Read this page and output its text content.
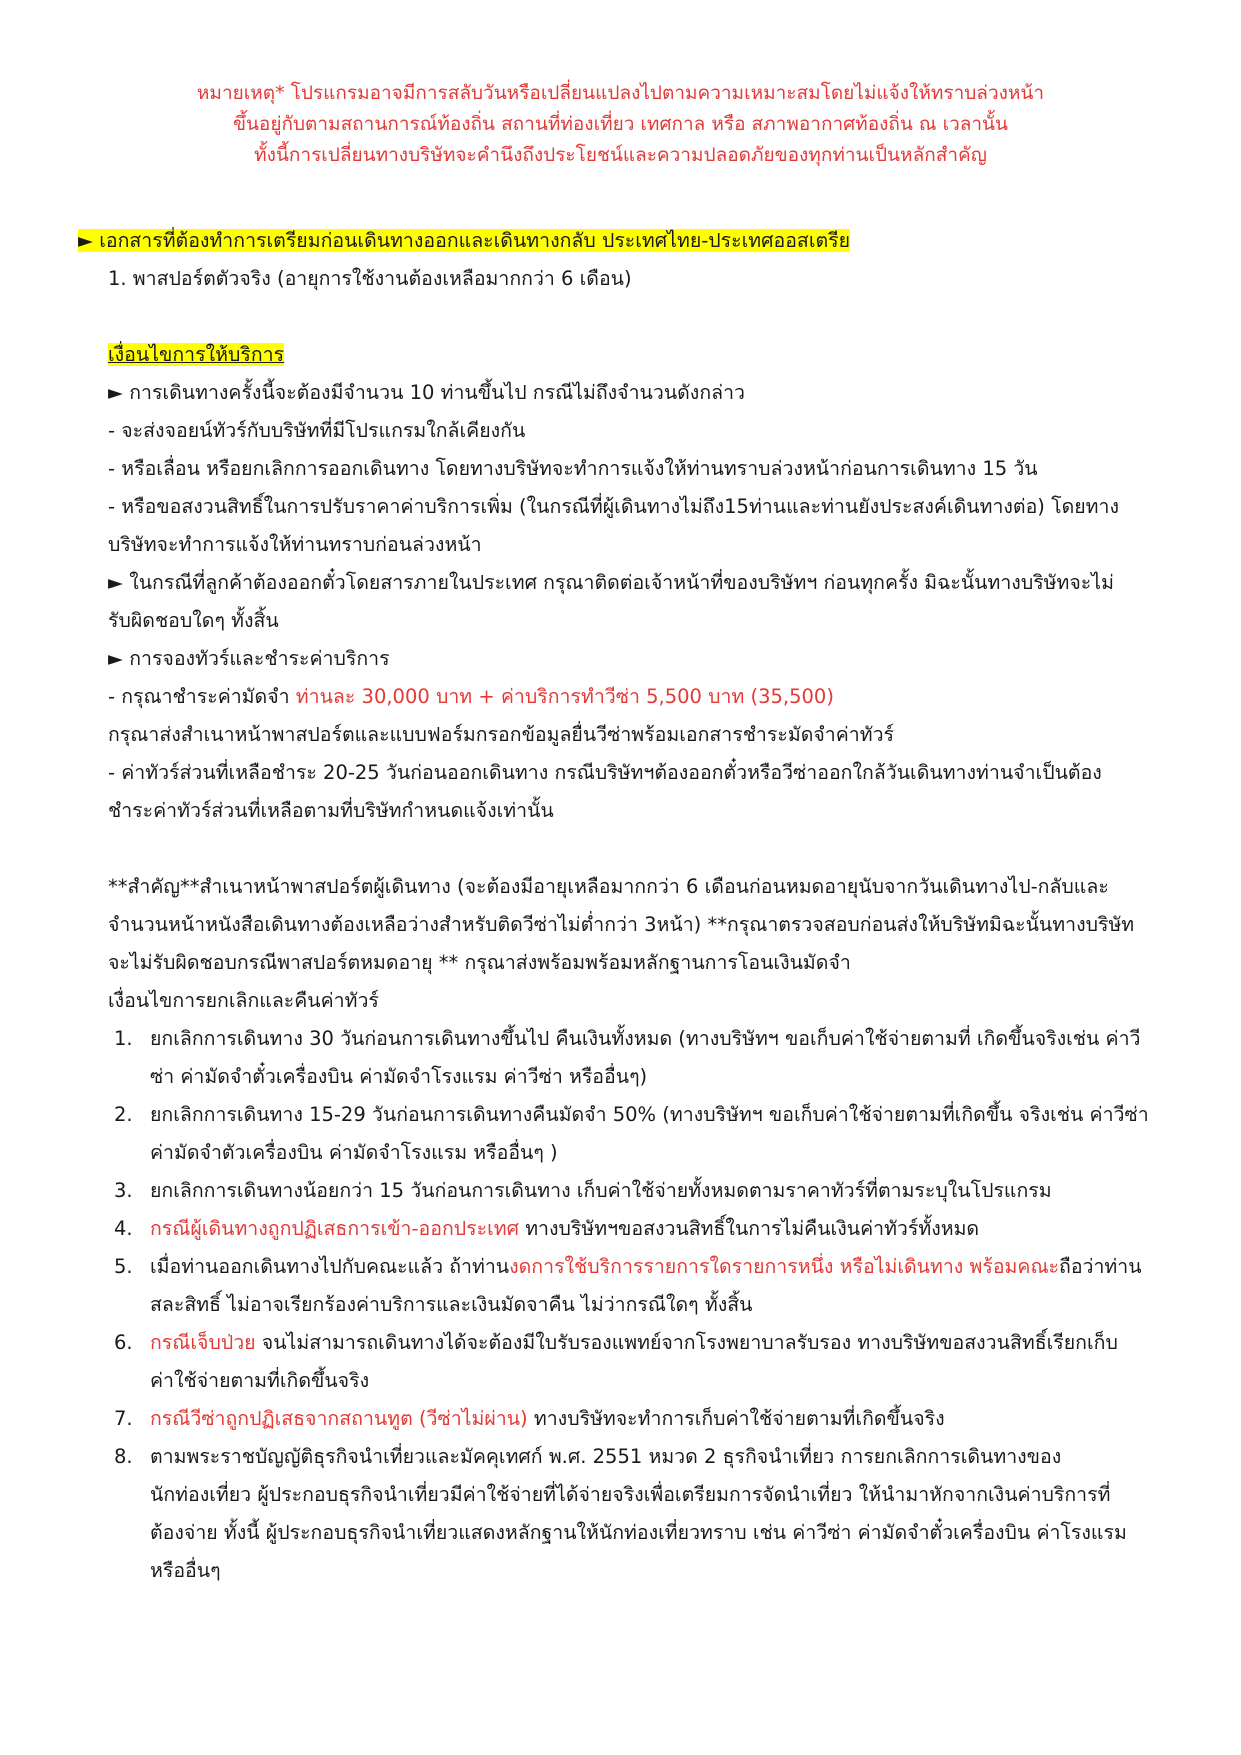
หมายเหตุ* โปรแกรมอาจมีการสลับวันหรือเปลี่ยนแปลงไปตามความเหมาะสมโดยไม่แจ้งให้ทราบล่วงหน้า
ขึ้นอยู่กับตามสถานการณ์ท้องถิ่น สถานที่ท่องเที่ยว เทศกาล หรือ สภาพอากาศท้องถิ่น ณ เวลานั้น
ทั้งนี้การเปลี่ยนทางบริษัทจะคำนึงถึงประโยชน์และความปลอดภัยของทุกท่านเป็นหลักสำคัญ
► เอกสารที่ต้องทำการเตรียมก่อนเดินทางออกและเดินทางกลับ ประเทศไทย-ประเทศออสเตรีย
1. พาสปอร์ตตัวจริง (อายุการใช้งานต้องเหลือมากกว่า 6 เดือน)
เงื่อนไขการให้บริการ
► การเดินทางครั้งนี้จะต้องมีจำนวน 10 ท่านขึ้นไป กรณีไม่ถึงจำนวนดังกล่าว
- จะส่งจอยน์ทัวร์กับบริษัทที่มีโปรแกรมใกล้เคียงกัน
- หรือเลื่อน หรือยกเลิกการออกเดินทาง โดยทางบริษัทจะทำการแจ้งให้ท่านทราบล่วงหน้าก่อนการเดินทาง 15 วัน
- หรือขอสงวนสิทธิ์ในการปรับราคาค่าบริการเพิ่ม (ในกรณีที่ผู้เดินทางไม่ถึง15ท่านและท่านยังประสงค์เดินทางต่อ) โดยทาง
บริษัทจะทำการแจ้งให้ท่านทราบก่อนล่วงหน้า
► ในกรณีที่ลูกค้าต้องออกตั๋วโดยสารภายในประเทศ กรุณาติดต่อเจ้าหน้าที่ของบริษัทฯ ก่อนทุกครั้ง มิฉะนั้นทางบริษัทจะไม่
รับผิดชอบใดๆ ทั้งสิ้น
► การจองทัวร์และชำระค่าบริการ
- กรุณาชำระค่ามัดจำ ท่านละ 30,000 บาท + ค่าบริการทำวีซ่า 5,500 บาท (35,500)
กรุณาส่งสำเนาหน้าพาสปอร์ตและแบบฟอร์มกรอกข้อมูลยื่นวีซ่าพร้อมเอกสารชำระมัดจำค่าทัวร์
- ค่าทัวร์ส่วนที่เหลือชำระ 20-25 วันก่อนออกเดินทาง กรณีบริษัทฯต้องออกตั๋วหรือวีซ่าออกใกล้วันเดินทางท่านจำเป็นต้อง
ชำระค่าทัวร์ส่วนที่เหลือตามที่บริษัทกำหนดแจ้งเท่านั้น
**สำคัญ**สำเนาหน้าพาสปอร์ตผู้เดินทาง (จะต้องมีอายุเหลือมากกว่า 6 เดือนก่อนหมดอายุนับจากวันเดินทางไป-กลับและ
จำนวนหน้าหนังสือเดินทางต้องเหลือว่างสำหรับติดวีซ่าไม่ต่ำกว่า 3หน้า) **กรุณาตรวจสอบก่อนส่งให้บริษัทมิฉะนั้นทางบริษัท
จะไม่รับผิดชอบกรณีพาสปอร์ตหมดอายุ ** กรุณาส่งพร้อมพร้อมหลักฐานการโอนเงินมัดจำ
เงื่อนไขการยกเลิกและคืนค่าทัวร์
1. ยกเลิกการเดินทาง 30 วันก่อนการเดินทางขึ้นไป คืนเงินทั้งหมด (ทางบริษัทฯ ขอเก็บค่าใช้จ่ายตามที่ เกิดขึ้นจริงเช่น ค่าวี
ซ่า ค่ามัดจำตั๋วเครื่องบิน ค่ามัดจำโรงแรม ค่าวีซ่า หรืออื่นๆ)
2. ยกเลิกการเดินทาง 15-29 วันก่อนการเดินทางคืนมัดจำ 50% (ทางบริษัทฯ ขอเก็บค่าใช้จ่ายตามที่เกิดขึ้น จริงเช่น ค่าวีซ่า
ค่ามัดจำตัวเครื่องบิน ค่ามัดจำโรงแรม หรืออื่นๆ )
3. ยกเลิกการเดินทางน้อยกว่า 15 วันก่อนการเดินทาง เก็บค่าใช้จ่ายทั้งหมดตามราคาทัวร์ที่ตามระบุในโปรแกรม
4. กรณีผู้เดินทางถูกปฏิเสธการเข้า-ออกประเทศ ทางบริษัทฯขอสงวนสิทธิ์ในการไม่คืนเงินค่าทัวร์ทั้งหมด
5. เมื่อท่านออกเดินทางไปกับคณะแล้ว ถ้าท่านงดการใช้บริการรายการใดรายการหนึ่ง หรือไม่เดินทาง พร้อมคณะถือว่าท่าน
สละสิทธิ์ ไม่อาจเรียกร้องค่าบริการและเงินมัดจาคืน ไม่ว่ากรณีใดๆ ทั้งสิ้น
6. กรณีเจ็บป่วย จนไม่สามารถเดินทางได้จะต้องมีใบรับรองแพทย์จากโรงพยาบาลรับรอง ทางบริษัทขอสงวนสิทธิ์เรียกเก็บ
ค่าใช้จ่ายตามที่เกิดขึ้นจริง
7. กรณีวีซ่าถูกปฏิเสธจากสถานทูต (วีซ่าไม่ผ่าน) ทางบริษัทจะทำการเก็บค่าใช้จ่ายตามที่เกิดขึ้นจริง
8. ตามพระราชบัญญัติธุรกิจนำเที่ยวและมัคคุเทศก์ พ.ศ. 2551 หมวด 2 ธุรกิจนำเที่ยว การยกเลิกการเดินทางของ
นักท่องเที่ยว ผู้ประกอบธุรกิจนำเที่ยวมีค่าใช้จ่ายที่ได้จ่ายจริงเพื่อเตรียมการจัดนำเที่ยว ให้นำมาหักจากเงินค่าบริการที่
ต้องจ่าย ทั้งนี้ ผู้ประกอบธุรกิจนำเที่ยวแสดงหลักฐานให้นักท่องเที่ยวทราบ เช่น ค่าวีซ่า ค่ามัดจำตั๋วเครื่องบิน ค่าโรงแรม
หรืออื่นๆ
